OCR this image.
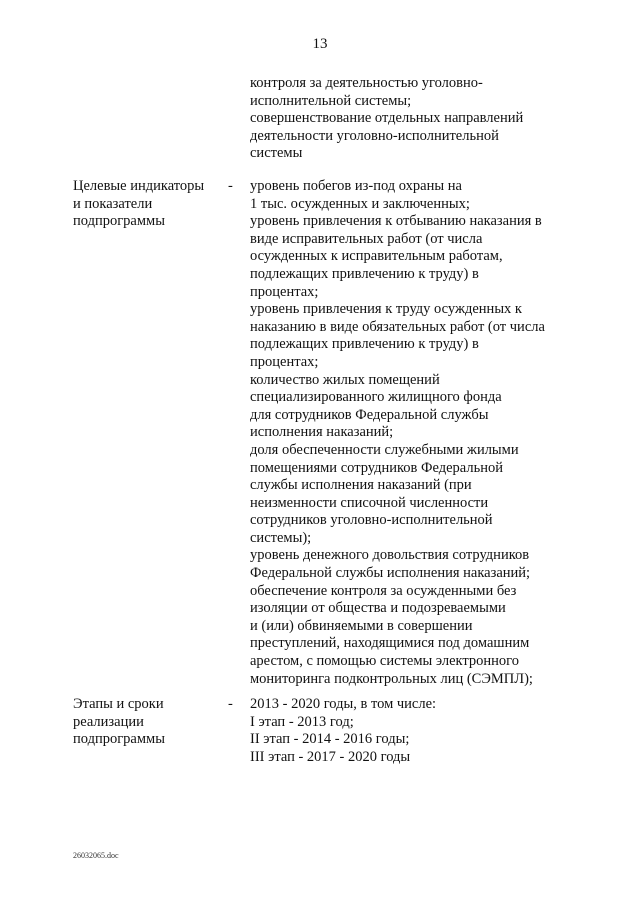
13
контроля за деятельностью уголовно-
исполнительной системы;
совершенствование отдельных направлений
деятельности уголовно-исполнительной
системы
Целевые индикаторы
и показатели
подпрограммы
- уровень побегов из-под охраны на
1 тыс. осужденных и заключенных;
уровень привлечения к отбыванию наказания в
виде исправительных работ (от числа
осужденных к исправительным работам,
подлежащих привлечению к труду) в
процентах;
уровень привлечения к труду осужденных к
наказанию в виде обязательных работ (от числа
подлежащих привлечению к труду) в
процентах;
количество жилых помещений
специализированного жилищного фонда
для сотрудников Федеральной службы
исполнения наказаний;
доля обеспеченности служебными жилыми
помещениями сотрудников Федеральной
службы исполнения наказаний (при
неизменности списочной численности
сотрудников уголовно-исполнительной
системы);
уровень денежного довольствия сотрудников
Федеральной службы исполнения наказаний;
обеспечение контроля за осужденными без
изоляции от общества и подозреваемыми
и (или) обвиняемыми в совершении
преступлений, находящимися под домашним
арестом, с помощью системы электронного
мониторинга подконтрольных лиц (СЭМПЛ);
Этапы и сроки
реализации
подпрограммы
- 2013 - 2020 годы, в том числе:
I этап - 2013 год;
II этап - 2014 - 2016 годы;
III этап - 2017 - 2020 годы
26032065.doc
